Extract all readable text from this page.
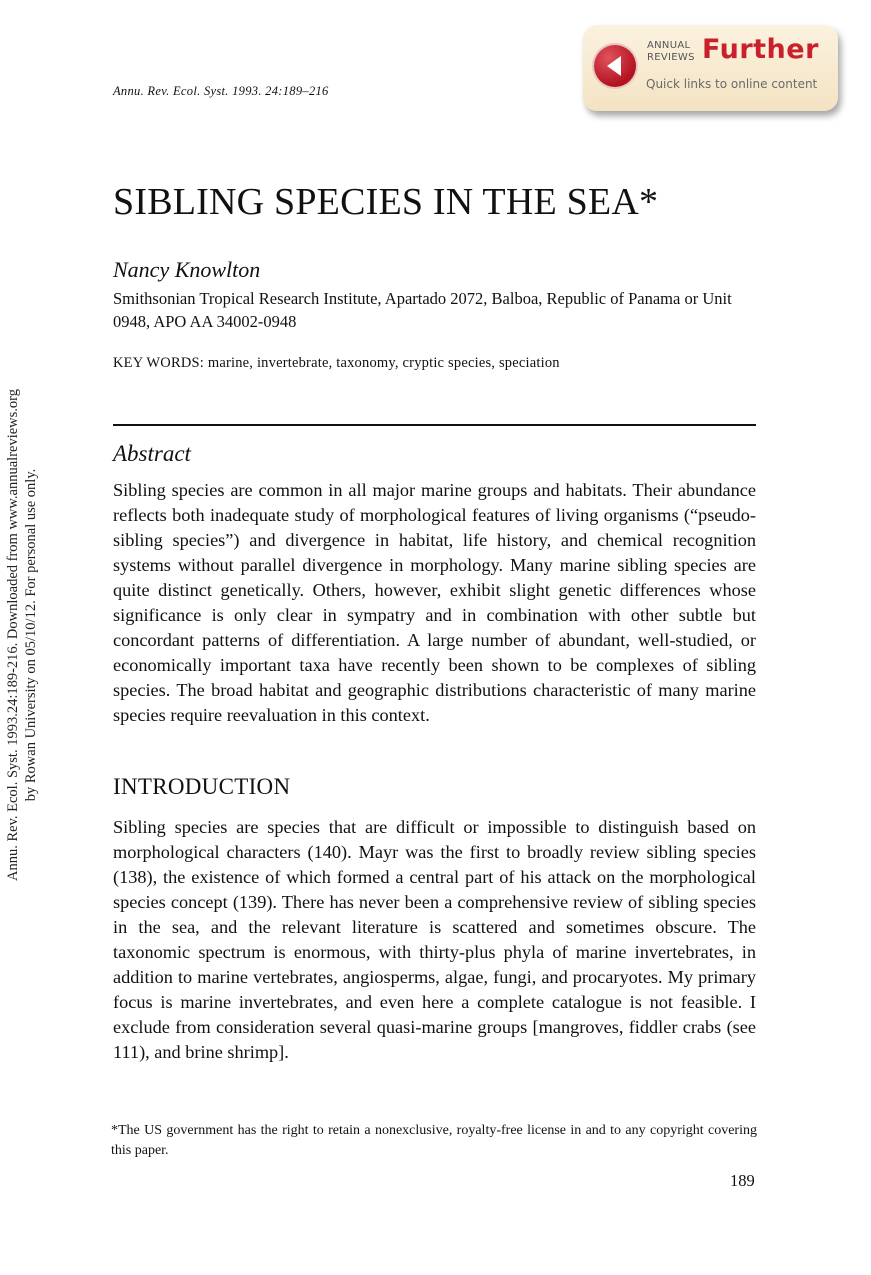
Annu. Rev. Ecol. Syst. 1993. 24:189–216
ANNUAL
REVIEWS Further
Quick links to online content
Annu. Rev. Ecol. Syst. 1993.24:189-216. Downloaded from www.annualreviews.org by Rowan University on 05/10/12. For personal use only.
SIBLING SPECIES IN THE SEA*
Nancy Knowlton
Smithsonian Tropical Research Institute, Apartado 2072, Balboa, Republic of Panama or Unit 0948, APO AA 34002-0948
KEY WORDS: marine, invertebrate, taxonomy, cryptic species, speciation
Abstract
Sibling species are common in all major marine groups and habitats. Their abundance reflects both inadequate study of morphological features of living organisms (“pseudo-sibling species”) and divergence in habitat, life history, and chemical recognition systems without parallel divergence in morphology. Many marine sibling species are quite distinct genetically. Others, however, exhibit slight genetic differences whose significance is only clear in sympatry and in combination with other subtle but concordant patterns of differentiation. A large number of abundant, well-studied, or economically important taxa have recently been shown to be complexes of sibling species. The broad habitat and geographic distributions characteristic of many marine species require reevaluation in this context.
INTRODUCTION
Sibling species are species that are difficult or impossible to distinguish based on morphological characters (140). Mayr was the first to broadly review sibling species (138), the existence of which formed a central part of his attack on the morphological species concept (139). There has never been a comprehensive review of sibling species in the sea, and the relevant literature is scattered and sometimes obscure. The taxonomic spectrum is enormous, with thirty-plus phyla of marine invertebrates, in addition to marine vertebrates, angiosperms, algae, fungi, and procaryotes. My primary focus is marine invertebrates, and even here a complete catalogue is not feasible. I exclude from consideration several quasi-marine groups [mangroves, fiddler crabs (see 111), and brine shrimp].
*The US government has the right to retain a nonexclusive, royalty-free license in and to any copyright covering this paper.
189
